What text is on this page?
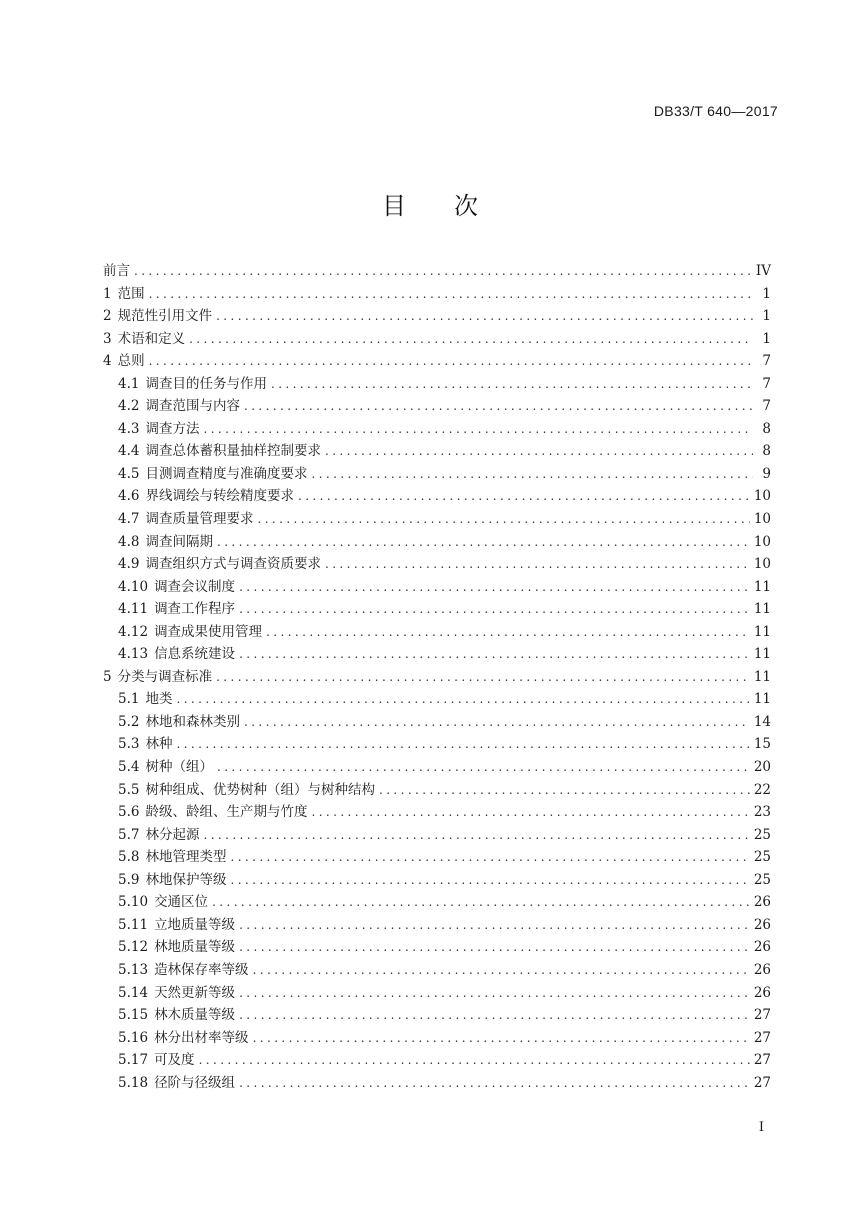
DB33/T 640—2017
目 次
前言 .....	IV
1 范围 .....	1
2 规范性引用文件 .....	1
3 术语和定义 .....	1
4 总则 .....	7
4.1 调查目的任务与作用 .....	7
4.2 调查范围与内容 .....	7
4.3 调查方法 .....	8
4.4 调查总体蓄积量抽样控制要求 .....	8
4.5 目测调查精度与准确度要求 .....	9
4.6 界线调绘与转绘精度要求 .....	10
4.7 调查质量管理要求 .....	10
4.8 调查间隔期 .....	10
4.9 调查组织方式与调查资质要求 .....	10
4.10 调查会议制度 .....	11
4.11 调查工作程序 .....	11
4.12 调查成果使用管理 .....	11
4.13 信息系统建设 .....	11
5 分类与调查标准 .....	11
5.1 地类 .....	11
5.2 林地和森林类别 .....	14
5.3 林种 .....	15
5.4 树种（组） .....	20
5.5 树种组成、优势树种（组）与树种结构 .....	22
5.6 龄级、龄组、生产期与竹度 .....	23
5.7 林分起源 .....	25
5.8 林地管理类型 .....	25
5.9 林地保护等级 .....	25
5.10 交通区位 .....	26
5.11 立地质量等级 .....	26
5.12 林地质量等级 .....	26
5.13 造林保存率等级 .....	26
5.14 天然更新等级 .....	26
5.15 林木质量等级 .....	27
5.16 林分出材率等级 .....	27
5.17 可及度 .....	27
5.18 径阶与径级组 .....	27
I
